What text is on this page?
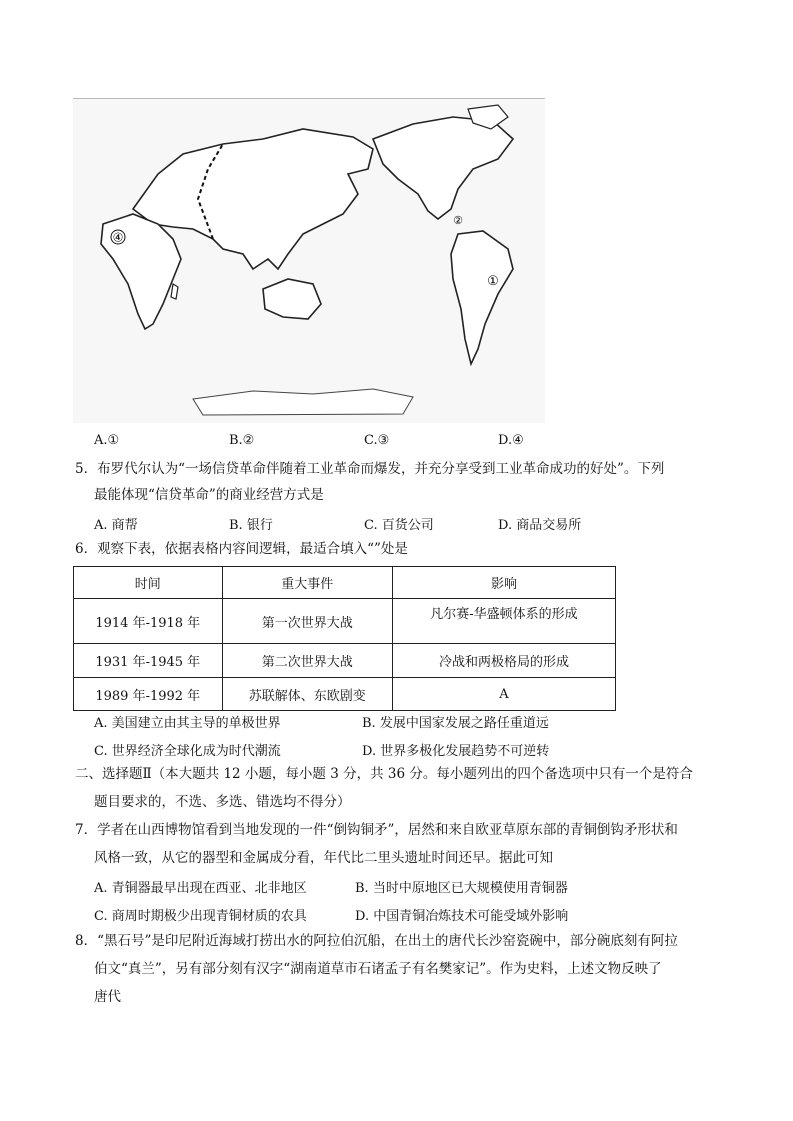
④
①
②
A.①	B.②	C.③	D.④
5．布罗代尔认为“一场信贷革命伴随着工业革命而爆发，并充分享受到工业革命成功的好处”。下列
最能体现“信贷革命”的商业经营方式是
A. 商帮	B. 银行	C. 百货公司	D. 商品交易所
6．观察下表，依据表格内容间逻辑，最适合填入“”处是
时间	重大事件	影响
1914 年-1918 年	第一次世界大战	凡尔赛-华盛顿体系的形成
1931 年-1945 年	第二次世界大战	冷战和两极格局的形成
1989 年-1992 年	苏联解体、东欧剧变	A
A. 美国建立由其主导的单极世界	B. 发展中国家发展之路任重道远
C. 世界经济全球化成为时代潮流	D. 世界多极化发展趋势不可逆转
二、选择题Ⅱ（本大题共 12 小题，每小题 3 分，共 36 分。每小题列出的四个备选项中只有一个是符合
题目要求的，不选、多选、错选均不得分）
7．学者在山西博物馆看到当地发现的一件“倒钩铜矛”，居然和来自欧亚草原东部的青铜倒钩矛形状和
风格一致，从它的器型和金属成分看，年代比二里头遗址时间还早。据此可知
A. 青铜器最早出现在西亚、北非地区	B. 当时中原地区已大规模使用青铜器
C. 商周时期极少出现青铜材质的农具	D. 中国青铜冶炼技术可能受域外影响
8．“黑石号”是印尼附近海域打捞出水的阿拉伯沉船，在出土的唐代长沙窑瓷碗中，部分碗底刻有阿拉
伯文“真兰”，另有部分刻有汉字“湖南道草市石诸孟子有名樊家记”。作为史料，上述文物反映了
唐代
